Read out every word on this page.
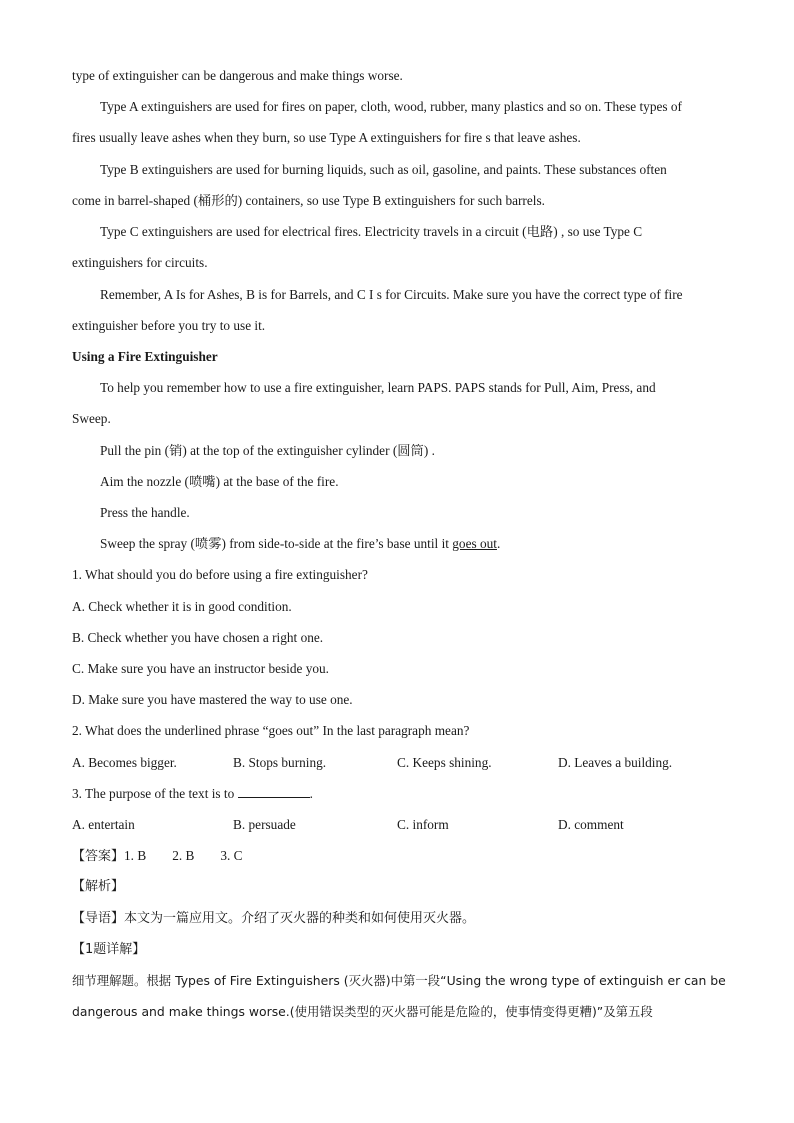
type of extinguisher can be dangerous and make things worse.
Type A extinguishers are used for fires on paper, cloth, wood, rubber, many plastics and so on. These types of
fires usually leave ashes when they burn, so use Type A extinguishers for fire s that leave ashes.
Type B extinguishers are used for burning liquids, such as oil, gasoline, and paints. These substances often
come in barrel-shaped (桶形的) containers, so use Type B extinguishers for such barrels.
Type C extinguishers are used for electrical fires. Electricity travels in a circuit (电路) , so use Type C
extinguishers for circuits.
Remember, A Is for Ashes, B is for Barrels, and C I s for Circuits. Make sure you have the correct type of fire
extinguisher before you try to use it.
Using a Fire Extinguisher
To help you remember how to use a fire extinguisher, learn PAPS. PAPS stands for Pull, Aim, Press, and
Sweep.
Pull the pin (销) at the top of the extinguisher cylinder (圆筒) .
Aim the nozzle (喷嘴) at the base of the fire.
Press the handle.
Sweep the spray (喷雾) from side-to-side at the fire’s base until it goes out.
1. What should you do before using a fire extinguisher?
A. Check whether it is in good condition.
B. Check whether you have chosen a right one.
C. Make sure you have an instructor beside you.
D. Make sure you have mastered the way to use one.
2. What does the underlined phrase “goes out” In the last paragraph mean?
A. Becomes bigger.	B. Stops burning.	C. Keeps shining.	D. Leaves a building.
3. The purpose of the text is to	.
A. entertain	B. persuade	C. inform	D. comment
【答案】1. B 2. B 3. C
【解析】
【导语】本文为一篇应用文。介绍了灭火器的种类和如何使用灭火器。
【1题详解】
细节理解题。根据 Types of Fire Extinguishers (灭火器)中第一段“Using the wrong type of extinguish er can be
dangerous and make things worse.(使用错误类型的灭火器可能是危险的，使事情变得更糟)”及第五段
